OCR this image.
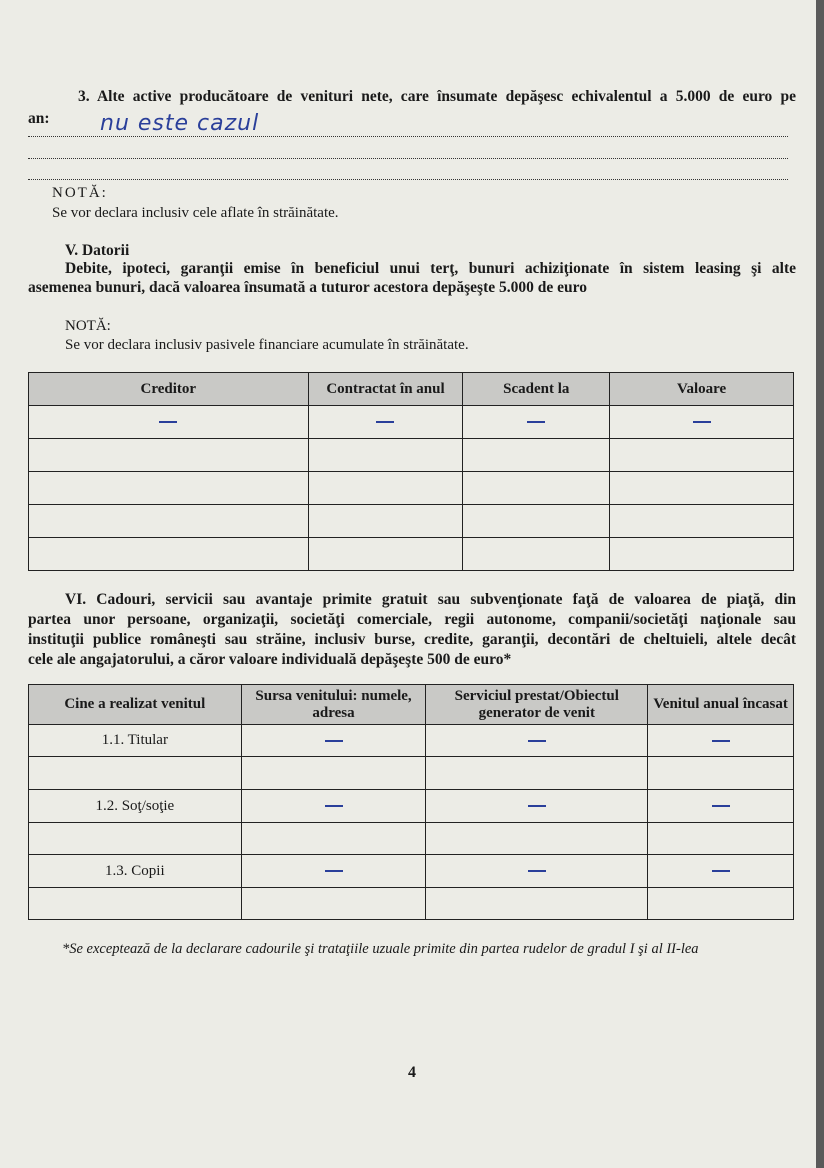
3. Alte active producătoare de venituri nete, care însumate depăşesc echivalentul a 5.000 de euro pe
an: nu este cazul
NOTĂ:
Se vor declara inclusiv cele aflate în străinătate.
V. Datorii
Debite, ipoteci, garanţii emise în beneficiul unui terţ, bunuri achiziţionate în sistem leasing şi alte
asemenea bunuri, dacă valoarea însumată a tuturor acestora depăşeşte 5.000 de euro
NOTĂ:
Se vor declara inclusiv pasivele financiare acumulate în străinătate.
Creditor	Contractat în anul	Scadent la	Valoare

VI. Cadouri, servicii sau avantaje primite gratuit sau subvenţionate faţă de valoarea de piaţă, din
partea unor persoane, organizaţii, societăţi comerciale, regii autonome, companii/societăţi naţionale sau
instituţii publice româneşti sau străine, inclusiv burse, credite, garanţii, decontări de cheltuieli, altele decât
cele ale angajatorului, a căror valoare individuală depăşeşte 500 de euro*
Cine a realizat venitul	Sursa venitului: numele, adresa	Serviciul prestat/Obiectul generator de venit	Venitul anual încasat
1.1. Titular			

1.2. Soţ/soţie			

1.3. Copii			

*Se exceptează de la declarare cadourile şi trataţiile uzuale primite din partea rudelor de gradul I şi al II-lea
4
